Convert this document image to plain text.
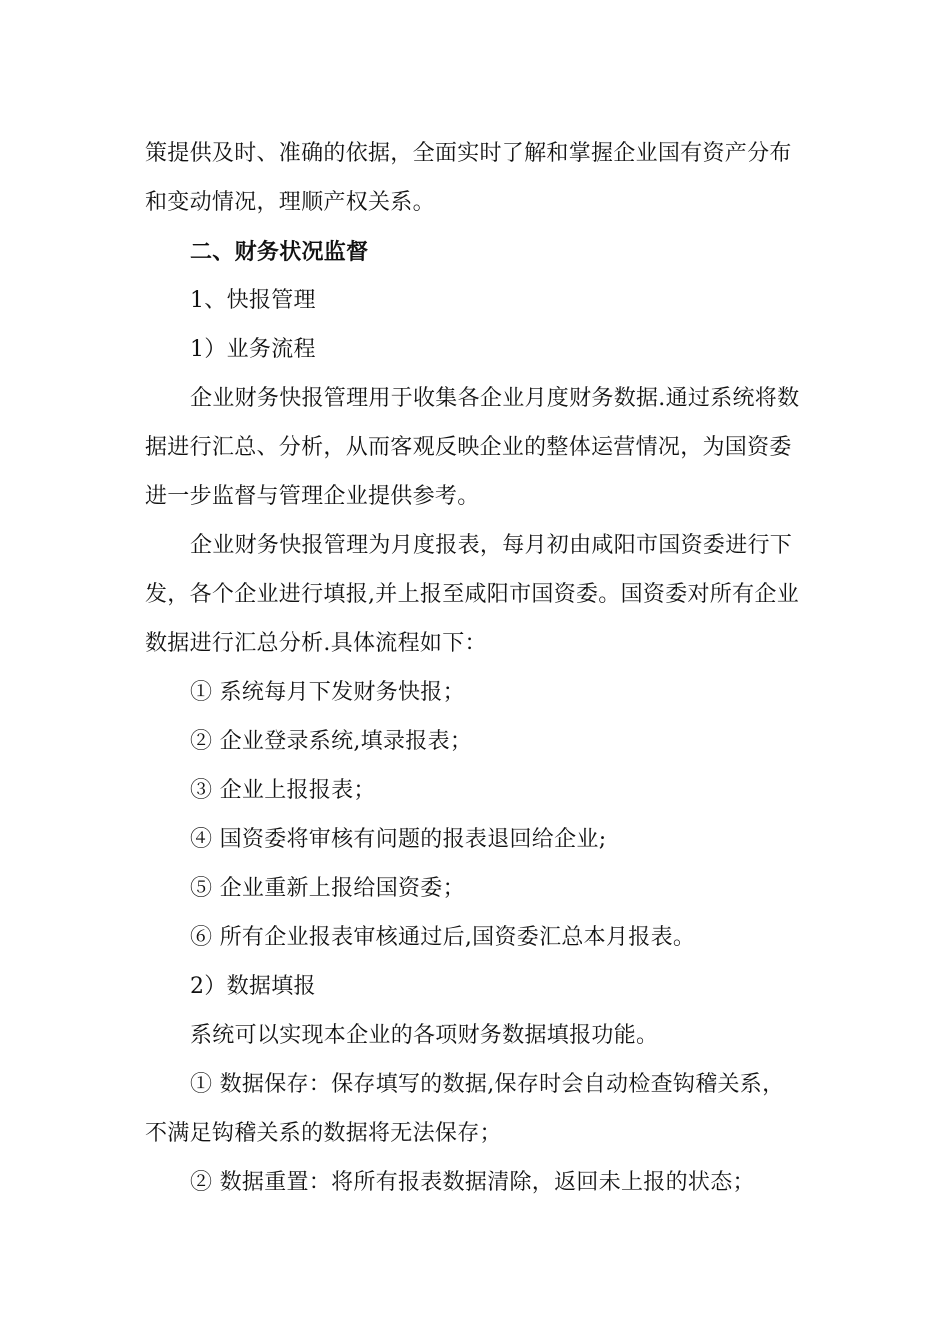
策提供及时、准确的依据，全面实时了解和掌握企业国有资产分布
和变动情况，理顺产权关系。
二、财务状况监督
1、快报管理
1）业务流程
企业财务快报管理用于收集各企业月度财务数据.通过系统将数
据进行汇总、分析，从而客观反映企业的整体运营情况，为国资委
进一步监督与管理企业提供参考。
企业财务快报管理为月度报表，每月初由咸阳市国资委进行下
发，各个企业进行填报,并上报至咸阳市国资委。国资委对所有企业
数据进行汇总分析.具体流程如下：
① 系统每月下发财务快报；
② 企业登录系统,填录报表；
③ 企业上报报表；
④ 国资委将审核有问题的报表退回给企业;
⑤ 企业重新上报给国资委；
⑥ 所有企业报表审核通过后,国资委汇总本月报表。
2）数据填报
系统可以实现本企业的各项财务数据填报功能。
① 数据保存：保存填写的数据,保存时会自动检查钩稽关系，
不满足钩稽关系的数据将无法保存；
② 数据重置：将所有报表数据清除，返回未上报的状态；
